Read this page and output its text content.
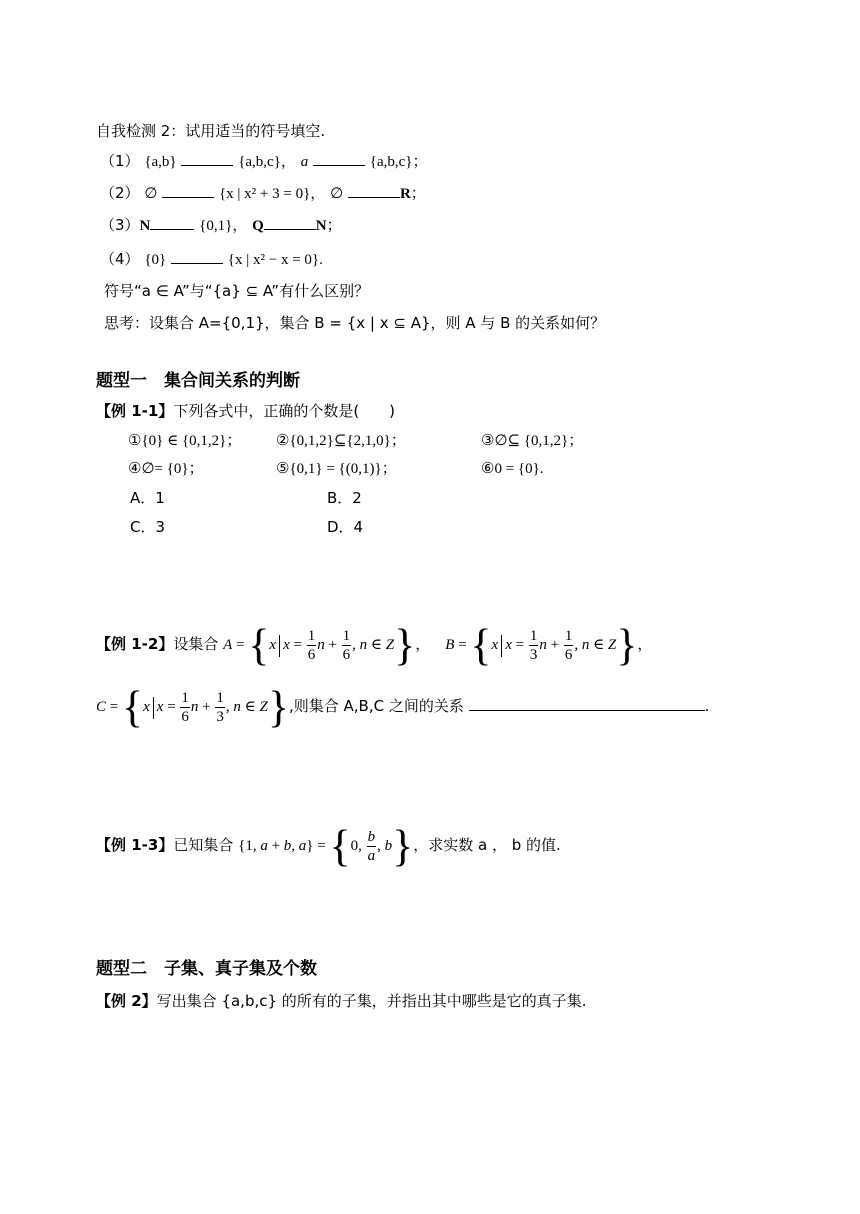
自我检测 2：试用适当的符号填空.
（1） {a,b}	{a,b,c}， a	{a,b,c}；
（2） ∅	{x | x² + 3 = 0}， ∅	R；
（3）N	{0,1}， Q	N；
（4） {0}	{x | x² − x = 0}.
符号“a ∈ A”与“{a} ⊆ A”有什么区别？
思考：设集合 A={0,1}，集合 B = {x | x ⊆ A}，则 A 与 B 的关系如何？
题型一　集合间关系的判断
【例 1-1】下列各式中，正确的个数是(　　)
①{0} ∈ {0,1,2}； ②{0,1,2}⊆{2,1,0}；	③∅⊆ {0,1,2}；
④∅= {0}；	⑤{0,1} = {(0,1)}；	⑥0 = {0}.
A．1	B．2
C．3	D．4
【例 1-2】设集合 A = {x $x = \frac{1}{6}$ $n + \frac{1}{6}$ , n ∈ Z}，    B = {x $x = \frac{1}{3}$ $n + \frac{1}{6}$ , n ∈ Z}，
C = {x $x = \frac{1}{6}$ $n + \frac{1}{3}$ , n ∈ Z},则集合 A,B,C 之间的关系	.
【例 1-3】已知集合 {1, a + b, a} = {0, $\frac{b}{a}$ , b}，求实数 a ， b 的值.
题型二　子集、真子集及个数
【例 2】写出集合 {a,b,c} 的所有的子集，并指出其中哪些是它的真子集.
